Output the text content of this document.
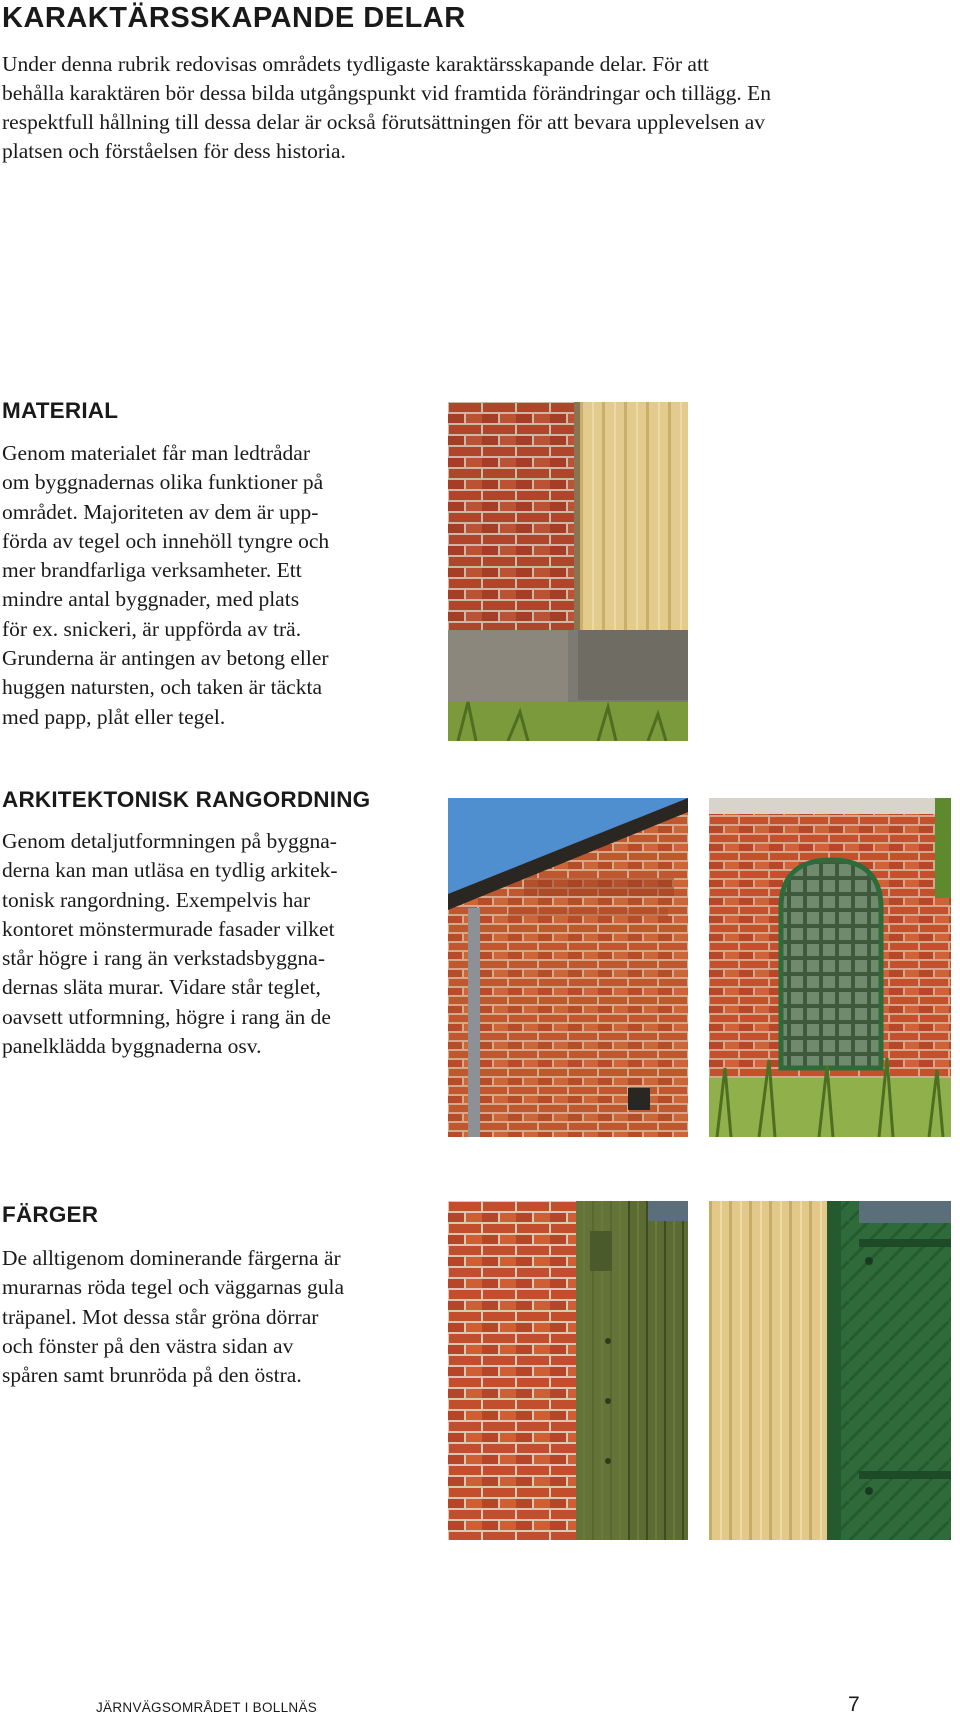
KARAKTÄRSSKAPANDE DELAR

Under denna rubrik redovisas områdets tydligaste karaktärsskapande delar. För att behålla karaktären bör dessa bilda utgångspunkt vid framtida förändringar och tillägg. En respektfull hållning till dessa delar är också förutsättningen för att bevara upplevelsen av platsen och förståelsen för dess historia.

MATERIAL
Genom materialet får man ledtrådar
om byggnadernas olika funktioner på
området. Majoriteten av dem är upp-
förda av tegel och innehöll tyngre och
mer brandfarliga verksamheter. Ett
mindre antal byggnader, med plats
för ex. snickeri, är uppförda av trä.
Grunderna är antingen av betong eller
huggen natursten, och taken är täckta
med papp, plåt eller tegel.
ARKITEKTONISK RANGORDNING
Genom detaljutformningen på byggna-
derna kan man utläsa en tydlig arkitek-
tonisk rangordning. Exempelvis har
kontoret mönstermurade fasader vilket
står högre i rang än verkstadsbyggna-
dernas släta murar. Vidare står teglet,
oavsett utformning, högre i rang än de
panelklädda byggnaderna osv.
FÄRGER
De alltigenom dominerande färgerna är
murarnas röda tegel och väggarnas gula
träpanel. Mot dessa står gröna dörrar
och fönster på den västra sidan av
spåren samt brunröda på den östra.
JÄRNVÄGSOMRÅDET I BOLLNÄS	7
